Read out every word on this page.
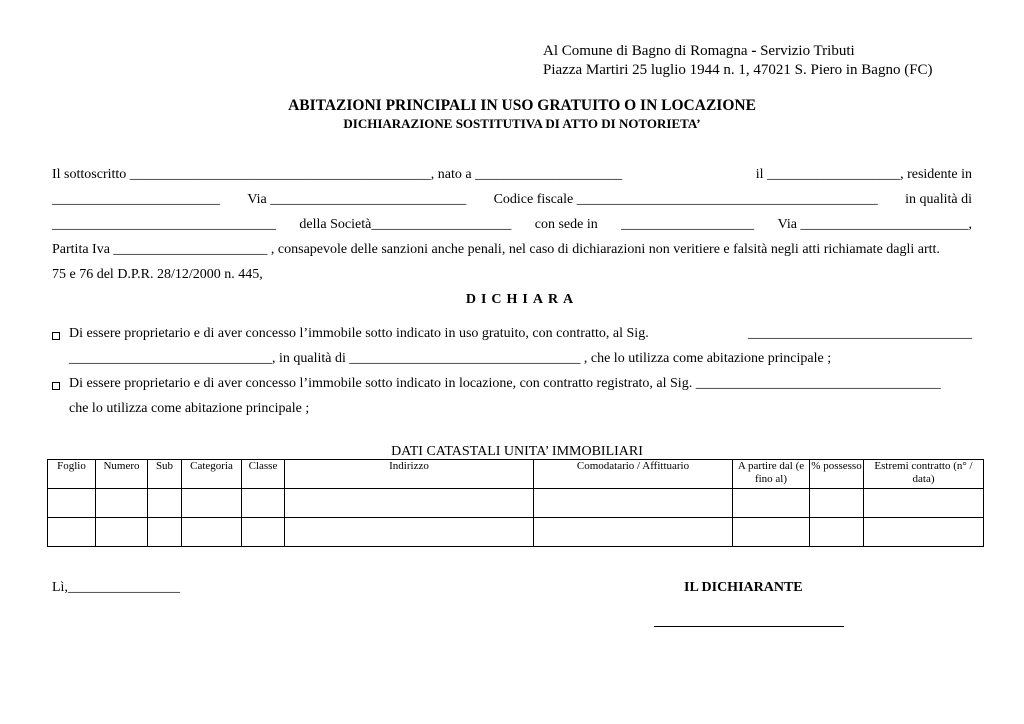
Al Comune di Bagno di Romagna - Servizio Tributi
Piazza Martiri 25 luglio 1944 n. 1, 47021 S. Piero in Bagno (FC)
ABITAZIONI PRINCIPALI IN USO GRATUITO O IN LOCAZIONE
DICHIARAZIONE SOSTITUTIVA DI ATTO DI NOTORIETA’
Il sottoscritto ___________________________________________, nato a _____________________	il ___________________, residente in
________________________ Via ____________________________ Codice fiscale ___________________________________________ in qualità di
________________________________ della Società____________________ con sede in ___________________ Via ________________________,
Partita Iva ______________________ , consapevole delle sanzioni anche penali, nel caso di dichiarazioni non veritiere e falsità negli atti richiamate dagli artt.
75 e 76 del D.P.R. 28/12/2000 n. 445,
DICHIARA
Di essere proprietario e di aver concesso l’immobile sotto indicato in uso gratuito, con contratto, al Sig.	________________________________
_____________________________, in qualità di _________________________________ , che lo utilizza come abitazione principale ;
Di essere proprietario e di aver concesso l’immobile sotto indicato in locazione, con contratto registrato, al Sig. ___________________________________
che lo utilizza come abitazione principale ;
DATI CATASTALI UNITA’ IMMOBILIARI
Foglio	Numero	Sub	Categoria	Classe	Indirizzo	Comodatario / Affittuario	A partire dal (e fino al)	% possesso	Estremi contratto (n° / data)

Lì,________________	IL DICHIARANTE
